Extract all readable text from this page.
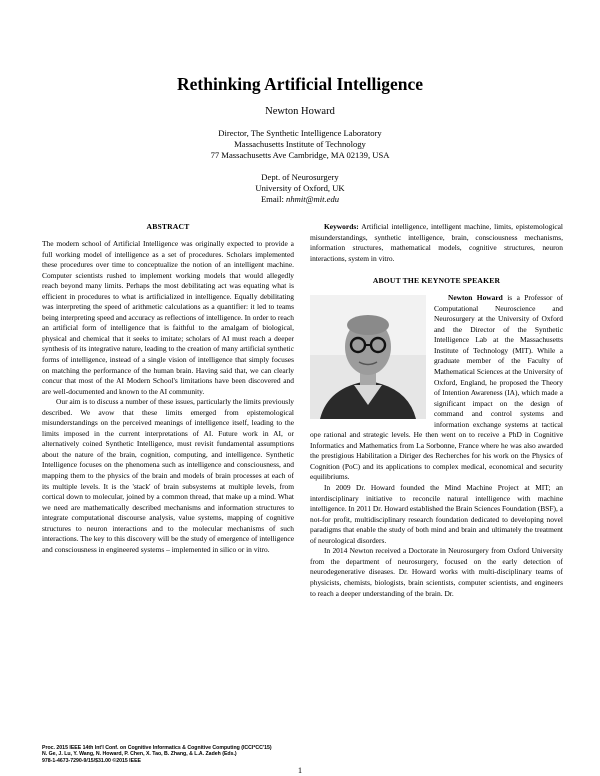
Rethinking Artificial Intelligence
Newton Howard
Director, The Synthetic Intelligence Laboratory
Massachusetts Institute of Technology
77 Massachusetts Ave Cambridge, MA 02139, USA
Dept. of Neurosurgery
University of Oxford, UK
Email: nhmit@mit.edu
ABSTRACT

The modern school of Artificial Intelligence was originally expected to provide a full working model of intelligence as a set of procedures. Scholars implemented these procedures over time to conceptualize the notion of an intelligent machine. Computer scientists rushed to implement working models that would allegedly reach beyond many limits. Perhaps the most debilitating act was equating what is efficient in procedures to what is artificialized in intelligence. Equally debilitating was interpreting the speed of arithmetic calculations as a quantifier: it led to teams being interpreting speed and accuracy as reflections of intelligence. In order to reach an artificial form of intelligence that is faithful to the amalgam of biological, physical and chemical that it seeks to imitate; scholars of AI must reach a deeper synthesis of its integrative nature, leading to the creation of many artificial synthetic forms of intelligence, instead of a single vision of intelligence that simply focuses on matching the performance of the human brain. Having said that, we can clearly concur that most of the AI Modern School's limitations have been discovered and are well-documented and known to the AI community.

Our aim is to discuss a number of these issues, particularly the limits previously described. We avow that these limits emerged from epistemological misunderstandings on the perceived meanings of intelligence itself, leading to the limits imposed in the current interpretations of AI. Future work in AI, or alternatively coined Synthetic Intelligence, must revisit fundamental assumptions about the nature of the brain, cognition, computing, and intelligence. Synthetic Intelligence focuses on the phenomena such as intelligence and consciousness, and mapping them to the physics of the brain and models of brain processes at each of its multiple levels. It is the 'stack' of brain subsystems at multiple levels, from cortical down to molecular, joined by a common thread, that make up a mind. What we need are mathematically described mechanisms and information structures to integrate computational discourse analysis, value systems, mapping of cognitive structures to neuron interactions and to the molecular mechanisms of such interactions. The key to this discovery will be the study of emergence of intelligence and consciousness in engineered systems – implemented in silico or in vitro.

Keywords: Artificial intelligence, intelligent machine, limits, epistemological misunderstandings, synthetic intelligence, brain, consciousness mechanisms, information structures, mathematical models, cognitive structures, neuron interactions, system in vitro.

ABOUT THE KEYNOTE SPEAKER

Newton Howard is a Professor of Computational Neuroscience and Neurosurgery at the University of Oxford and the Director of the Synthetic Intelligence Lab at the Massachusetts Institute of Technology (MIT). While a graduate member of the Faculty of Mathematical Sciences at the University of Oxford, England, he proposed the Theory of Intention Awareness (IA), which made a significant impact on the design of command and control systems and information exchange systems at tactical ope rational and strategic levels. He then went on to receive a PhD in Cognitive Informatics and Mathematics from La Sorbonne, France where he was also awarded the prestigious Habilitation a Diriger des Recherches for his work on the Physics of Cognition (PoC) and its applications to complex medical, economical and security equilibriums.

In 2009 Dr. Howard founded the Mind Machine Project at MIT; an interdisciplinary initiative to reconcile natural intelligence with machine intelligence. In 2011 Dr. Howard established the Brain Sciences Foundation (BSF), a not-for profit, multidisciplinary research foundation dedicated to developing novel paradigms that enable the study of both mind and brain and ultimately the treatment of neurological disorders.

In 2014 Newton received a Doctorate in Neurosurgery from Oxford University from the department of neurosurgery, focused on the early detection of neurodegenerative diseases. Dr. Howard works with multi-disciplinary teams of physicists, chemists, biologists, brain scientists, computer scientists, and engineers to reach a deeper understanding of the brain. Dr.

Proc. 2015 IEEE 14th Int'l Conf. on Cognitive Informatics & Cognitive Computing (ICCI*CC'15)
N. Ge, J. Lu, Y. Wang, N. Howard, P. Chen, X. Tao, B. Zhang, & L.A. Zadeh (Eds.)
978-1-4673-7290-9/15/$31.00 ©2015 IEEE
1
